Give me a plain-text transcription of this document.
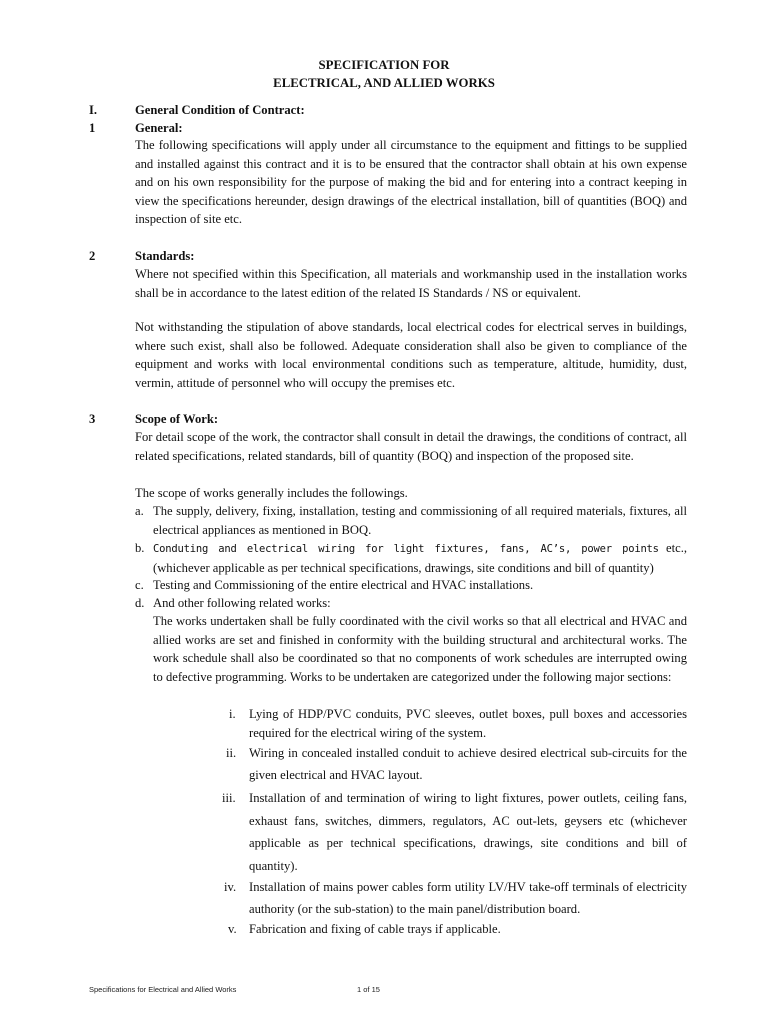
SPECIFICATION FOR
ELECTRICAL, AND ALLIED WORKS
I.	General Condition of Contract:
1	General:
The following specifications will apply under all circumstance to the equipment and fittings to be supplied and installed against this contract and it is to be ensured that the contractor shall obtain at his own expense and on his own responsibility for the purpose of making the bid and for entering into a contract keeping in view the specifications hereunder, design drawings of the electrical installation, bill of quantities (BOQ) and inspection of site etc.
2	Standards:
Where not specified within this Specification, all materials and workmanship used in the installation works shall be in accordance to the latest edition of the related IS Standards / NS or equivalent.
Not withstanding the stipulation of above standards, local electrical codes for electrical serves in buildings, where such exist, shall also be followed. Adequate consideration shall also be given to compliance of the equipment and works with local environmental conditions such as temperature, altitude, humidity, dust, vermin, attitude of personnel who will occupy the premises etc.
3	Scope of Work:
For detail scope of the work, the contractor shall consult in detail the drawings, the conditions of contract, all related specifications, related standards, bill of quantity (BOQ) and inspection of the proposed site.
The scope of works generally includes the followings.
a. The supply, delivery, fixing, installation, testing and commissioning of all required materials, fixtures, all electrical appliances as mentioned in BOQ.
b. Conduting and electrical wiring for light fixtures, fans, AC’s, power points etc., (whichever applicable as per technical specifications, drawings, site conditions and bill of quantity)
c. Testing and Commissioning of the entire electrical and HVAC installations.
d. And other following related works:
The works undertaken shall be fully coordinated with the civil works so that all electrical and HVAC and allied works are set and finished in conformity with the building structural and architectural works. The work schedule shall also be coordinated so that no components of work schedules are interrupted owing to defective programming. Works to be undertaken are categorized under the following major sections:
i. Lying of HDP/PVC conduits, PVC sleeves, outlet boxes, pull boxes and accessories required for the electrical wiring of the system.
ii. Wiring in concealed installed conduit to achieve desired electrical sub-circuits for the given electrical and HVAC layout.
iii. Installation of and termination of wiring to light fixtures, power outlets, ceiling fans, exhaust fans, switches, dimmers, regulators, AC out-lets, geysers etc (whichever applicable as per technical specifications, drawings, site conditions and bill of quantity).
iv. Installation of mains power cables form utility LV/HV take-off terminals of electricity authority (or the sub-station) to the main panel/distribution board.
v. Fabrication and fixing of cable trays if applicable.
Specifications for Electrical and Allied Works	1 of 15
